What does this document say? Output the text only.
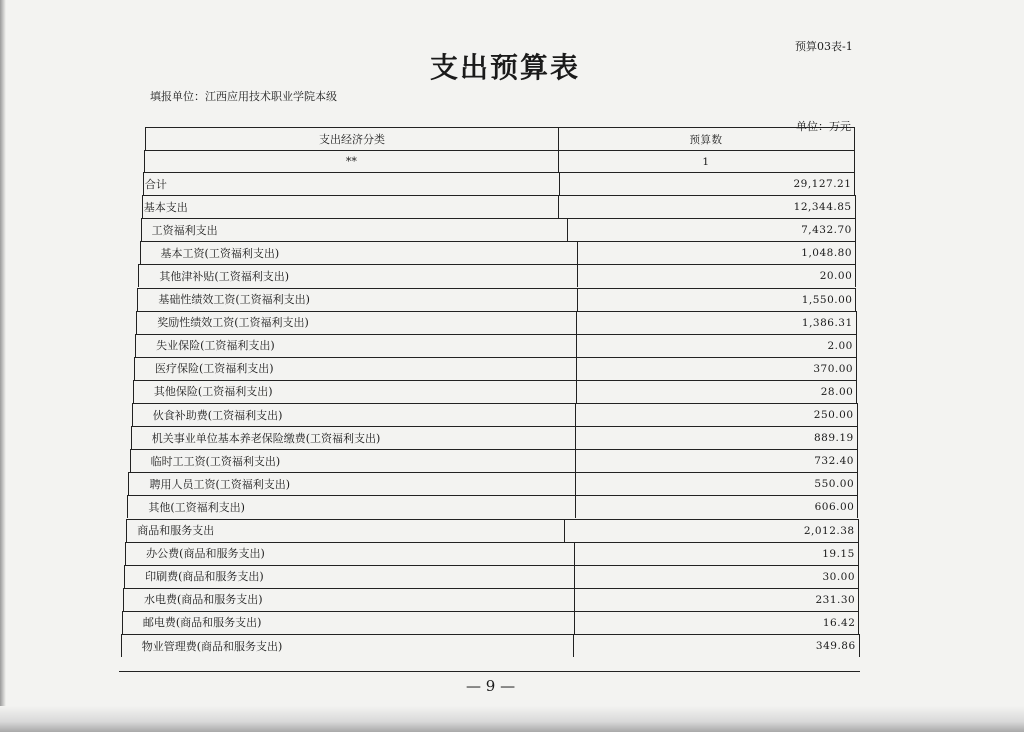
预算03表-1
支出预算表
填报单位：江西应用技术职业学院本级
单位：万元
支出经济分类	预算数
**	1
合计	29,127.21
基本支出	12,344.85
工资福利支出	7,432.70
基本工资(工资福利支出)	1,048.80
其他津补贴(工资福利支出)	20.00
基础性绩效工资(工资福利支出)	1,550.00
奖励性绩效工资(工资福利支出)	1,386.31
失业保险(工资福利支出)	2.00
医疗保险(工资福利支出)	370.00
其他保险(工资福利支出)	28.00
伙食补助费(工资福利支出)	250.00
机关事业单位基本养老保险缴费(工资福利支出)	889.19
临时工工资(工资福利支出)	732.40
聘用人员工资(工资福利支出)	550.00
其他(工资福利支出)	606.00
商品和服务支出	2,012.38
办公费(商品和服务支出)	19.15
印刷费(商品和服务支出)	30.00
水电费(商品和服务支出)	231.30
邮电费(商品和服务支出)	16.42
物业管理费(商品和服务支出)	349.86
— 9 —
